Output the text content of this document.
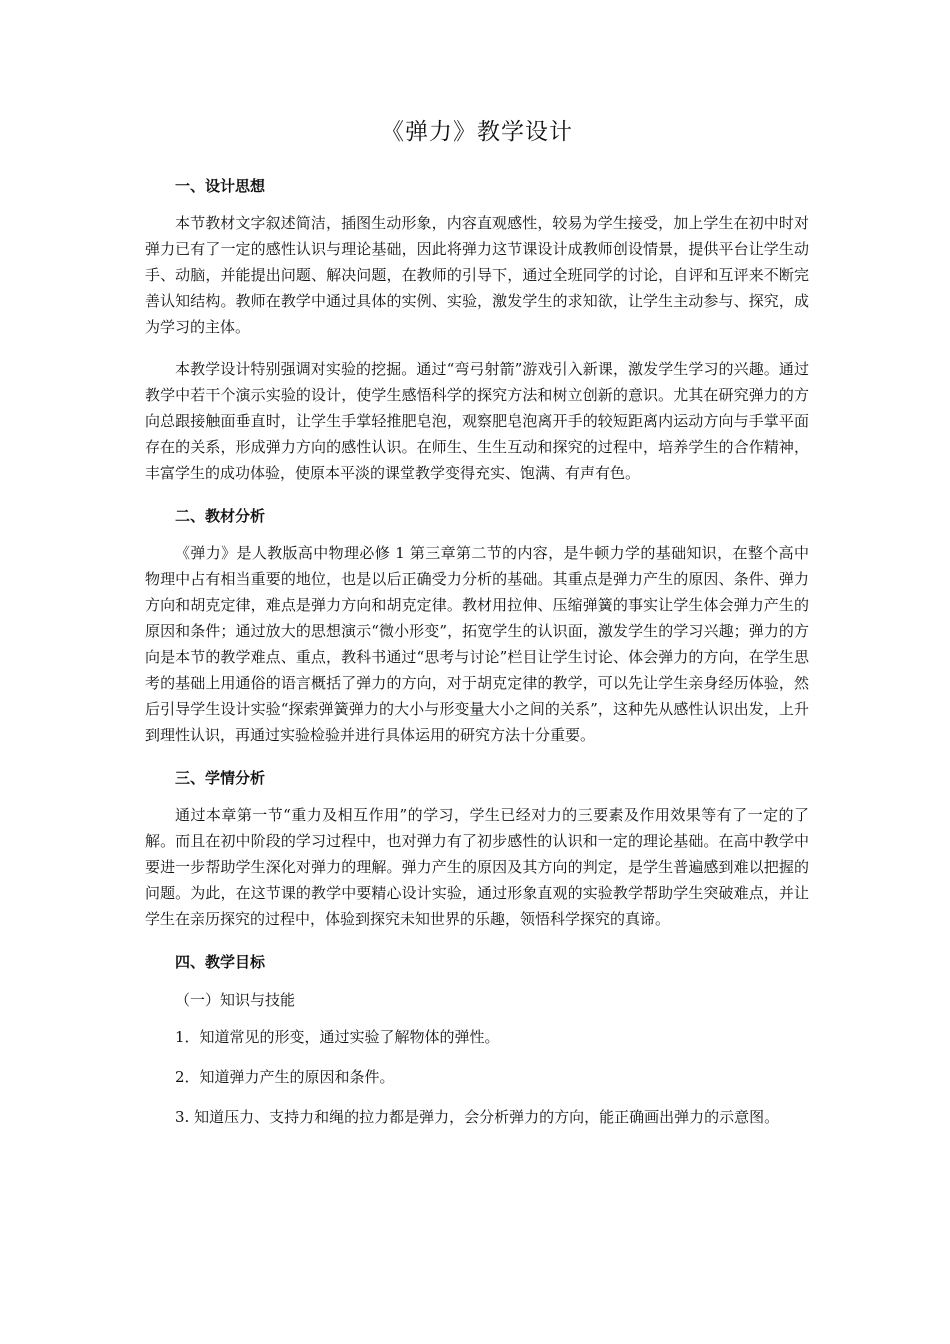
《弹力》教学设计
一、设计思想

本节教材文字叙述简洁，插图生动形象，内容直观感性，较易为学生接受，加上学生在初中时对弹力已有了一定的感性认识与理论基础，因此将弹力这节课设计成教师创设情景，提供平台让学生动手、动脑，并能提出问题、解决问题，在教师的引导下，通过全班同学的讨论，自评和互评来不断完善认知结构。教师在教学中通过具体的实例、实验，激发学生的求知欲，让学生主动参与、探究，成为学习的主体。

本教学设计特别强调对实验的挖掘。通过“弯弓射箭”游戏引入新课，激发学生学习的兴趣。通过教学中若干个演示实验的设计，使学生感悟科学的探究方法和树立创新的意识。尤其在研究弹力的方向总跟接触面垂直时，让学生手掌轻推肥皂泡，观察肥皂泡离开手的较短距离内运动方向与手掌平面存在的关系，形成弹力方向的感性认识。在师生、生生互动和探究的过程中，培养学生的合作精神，丰富学生的成功体验，使原本平淡的课堂教学变得充实、饱满、有声有色。

二、教材分析

《弹力》是人教版高中物理必修 1 第三章第二节的内容，是牛顿力学的基础知识，在整个高中物理中占有相当重要的地位，也是以后正确受力分析的基础。其重点是弹力产生的原因、条件、弹力方向和胡克定律，难点是弹力方向和胡克定律。教材用拉伸、压缩弹簧的事实让学生体会弹力产生的原因和条件；通过放大的思想演示“微小形变”，拓宽学生的认识面，激发学生的学习兴趣；弹力的方向是本节的教学难点、重点，教科书通过“思考与讨论”栏目让学生讨论、体会弹力的方向，在学生思考的基础上用通俗的语言概括了弹力的方向，对于胡克定律的教学，可以先让学生亲身经历体验，然后引导学生设计实验“探索弹簧弹力的大小与形变量大小之间的关系”，这种先从感性认识出发，上升到理性认识，再通过实验检验并进行具体运用的研究方法十分重要。

三、学情分析

通过本章第一节“重力及相互作用”的学习，学生已经对力的三要素及作用效果等有了一定的了解。而且在初中阶段的学习过程中，也对弹力有了初步感性的认识和一定的理论基础。在高中教学中要进一步帮助学生深化对弹力的理解。弹力产生的原因及其方向的判定，是学生普遍感到难以把握的问题。为此，在这节课的教学中要精心设计实验，通过形象直观的实验教学帮助学生突破难点，并让学生在亲历探究的过程中，体验到探究未知世界的乐趣，领悟科学探究的真谛。

四、教学目标
（一）知识与技能

1．知道常见的形变，通过实验了解物体的弹性。

2．知道弹力产生的原因和条件。

3. 知道压力、支持力和绳的拉力都是弹力，会分析弹力的方向，能正确画出弹力的示意图。
